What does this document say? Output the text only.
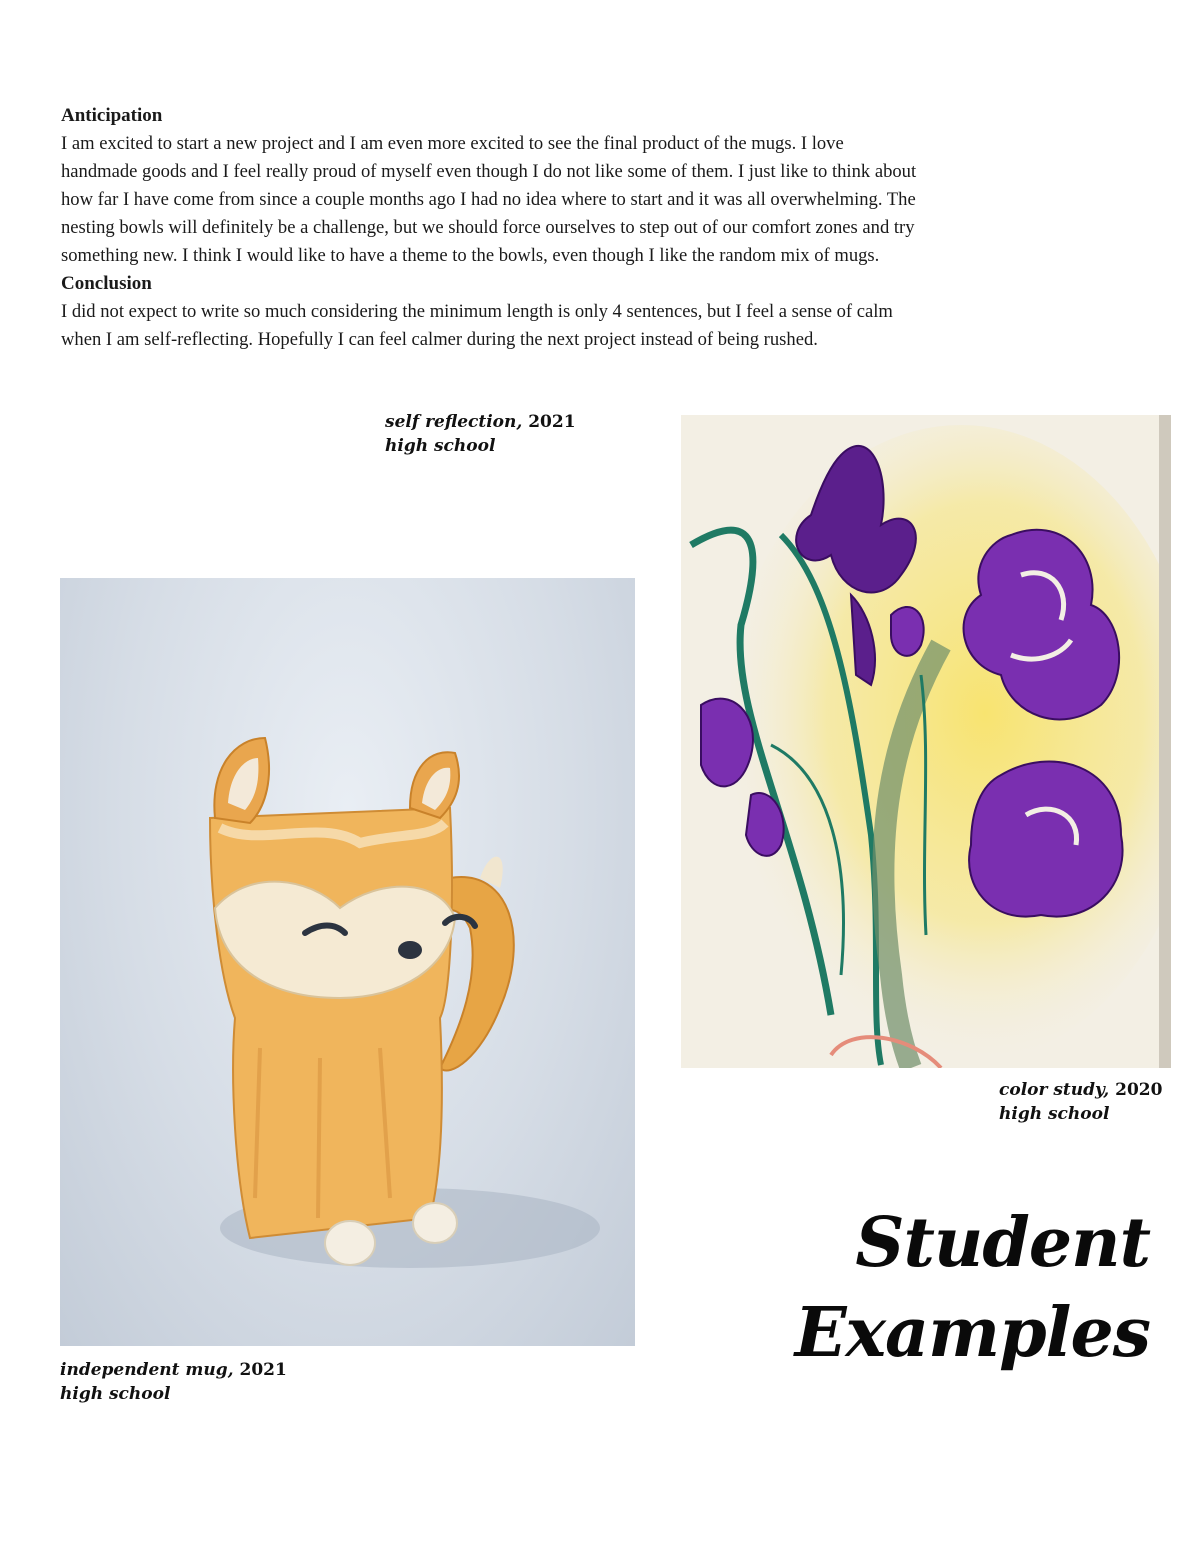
Anticipation

I am excited to start a new project and I am even more excited to see the final product of the mugs. I love handmade goods and I feel really proud of myself even though I do not like some of them. I just like to think about how far I have come from since a couple months ago I had no idea where to start and it was all overwhelming. The nesting bowls will definitely be a challenge, but we should force ourselves to step out of our comfort zones and try something new. I think I would like to have a theme to the bowls, even though I like the random mix of mugs.

Conclusion

I did not expect to write so much considering the minimum length is only 4 sentences, but I feel a sense of calm when I am self-reflecting. Hopefully I can feel calmer during the next project instead of being rushed.

self reflection, 2021
high school
color study, 2020
high school
independent mug, 2021
high school
Student
Examples
